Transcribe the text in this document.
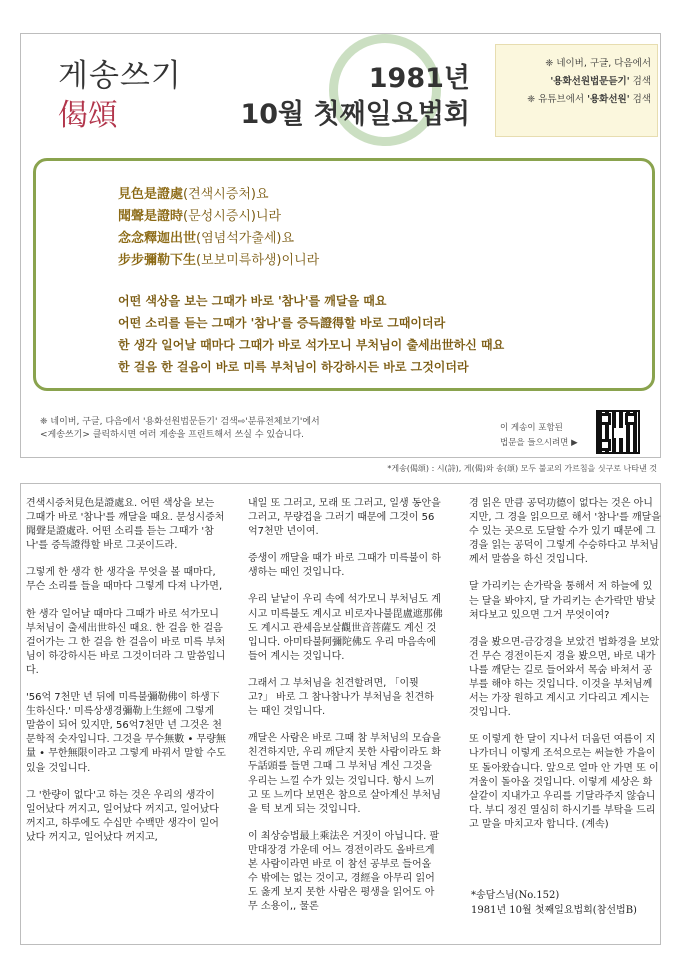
게송쓰기
偈頌
1981년
10월 첫째일요법회
❈ 네이버, 구글, 다음에서
'용화선원법문듣기' 검색
❈ 유튜브에서 '용화선원' 검색
見色是證處(견색시증처)요
聞聲是證時(문성시증시)니라
念念釋迦出世(염념석가출세)요
步步彌勒下生(보보미륵하생)이니라
어떤 색상을 보는 그때가 바로 '참나'를 깨달을 때요
어떤 소리를 듣는 그때가 '참나'를 증득證得할 바로 그때이더라
한 생각 일어날 때마다 그때가 바로 석가모니 부처님이 출세出世하신 때요
한 걸음 한 걸음이 바로 미륵 부처님이 하강하시든 바로 그것이더라
❈ 네이버, 구글, 다음에서 '용화선원법문듣기' 검색⇨'분류전체보기'에서
<게송쓰기> 클릭하시면 여러 게송을 프린트해서 쓰실 수 있습니다.
이 게송이 포함된
법문을 들으시려면 ▶
*게송(偈頌) : 시(詩), 게(偈)와 송(頌) 모두 불교의 가르침을 싯구로 나타낸 것

견색시증처見色是證處요. 어떤 색상을 보는 그때가 바로 '참나'를 깨달을 때요. 문성시증처聞聲是證處라. 어떤 소리를 듣는 그때가 '참나'를 증득證得할 바로 그곳이드라.

그렇게 한 생각 한 생각을 무엇을 볼 때마다, 무슨 소리를 들을 때마다 그렇게 다져 나가면,

한 생각 일어날 때마다 그때가 바로 석가모니 부처님이 출세出世하신 때요. 한 걸음 한 걸음 걸어가는 그 한 걸음 한 걸음이 바로 미륵 부처님이 하강하시든 바로 그것이더라 그 말씀입니다.

'56억 7천만 년 뒤에 미륵불彌勒佛이 하생下生하신다.' 미륵상생경彌勒上生經에 그렇게 말씀이 되어 있지만, 56억7천만 년 그것은 천문학적 숫자입니다. 그것을 무수無數 • 무량無量 • 무한無限이라고 그렇게 바꿔서 말할 수도 있을 것입니다.

그 '한량이 없다'고 하는 것은 우리의 생각이 일어났다 꺼지고, 일어났다 꺼지고, 일어났다 꺼지고, 하루에도 수십만 수백만 생각이 일어났다 꺼지고, 일어났다 꺼지고,

내일 또 그러고, 모래 또 그러고, 일생 동안을 그러고, 무량겁을 그러기 때문에 그것이 56억7천만 년이여.

증생이 깨달을 때가 바로 그때가 미륵불이 하생하는 때인 것입니다.

우리 낱낱이 우리 속에 석가모니 부처님도 계시고 미륵불도 계시고 비로자나불毘盧遮那佛도 계시고 관세음보살觀世音菩薩도 계신 것입니다. 아미타불阿彌陀佛도 우리 마음속에 들어 계시는 것입니다.

그래서 그 부처님을 친견할려면, 「이뭣고?」 바로 그 참나참나가 부처님을 친견하는 때인 것입니다.

깨달은 사람은 바로 그때 참 부처님의 모습을 친견하지만, 우리 깨닫지 못한 사람이라도 화두話頭를 들면 그때 그 부처님 계신 그것을 우리는 느낄 수가 있는 것입니다. 항시 느끼고 또 느끼다 보면은 참으로 살아계신 부처님을 턱 보게 되는 것입니다.

이 최상승법最上乘法은 거짓이 아닙니다. 팔만대장경 가운데 어느 경전이라도 올바르게 본 사람이라면 바로 이 참선 공부로 들어올 수 밖에는 없는 것이고, 경經을 아무리 읽어도 옳게 보지 못한 사람은 평생을 읽어도 아무 소용이,, 물론

경 읽은 만큼 공덕功德이 없다는 것은 아니지만, 그 경을 읽으므로 해서 '참나'를 깨달을 수 있는 곳으로 도달할 수가 있기 때문에 그 경을 읽는 공덕이 그렇게 수승하다고 부처님께서 말씀을 하신 것입니다.

달 가리키는 손가락을 통해서 저 하늘에 있는 달을 봐야지, 달 가리키는 손가락만 밤낮 쳐다보고 있으면 그거 무엇이여?

경을 봤으면-금강경을 보았건 법화경을 보았건 무슨 경전이든지 경을 봤으면, 바로 내가 나를 깨닫는 길로 들어와서 목숨 바쳐서 공부를 해야 하는 것입니다. 이것을 부처님께서는 가장 원하고 계시고 기다리고 계시는 것입니다.

또 이렇게 한 달이 지나서 더웁던 여름이 지나가더니 이렇게 조석으로는 써늘한 가을이 또 돌아왔습니다. 앞으로 얼마 안 가면 또 이 겨울이 돌아올 것입니다. 이렇게 세상은 화살같이 지내가고 우리를 기달라주지 않습니다. 부디 정진 열심히 하시기를 부탁을 드리고 말을 마치고자 합니다. (계속)

*송담스님(No.152)
1981년 10월 첫째일요법회(참선법B)
